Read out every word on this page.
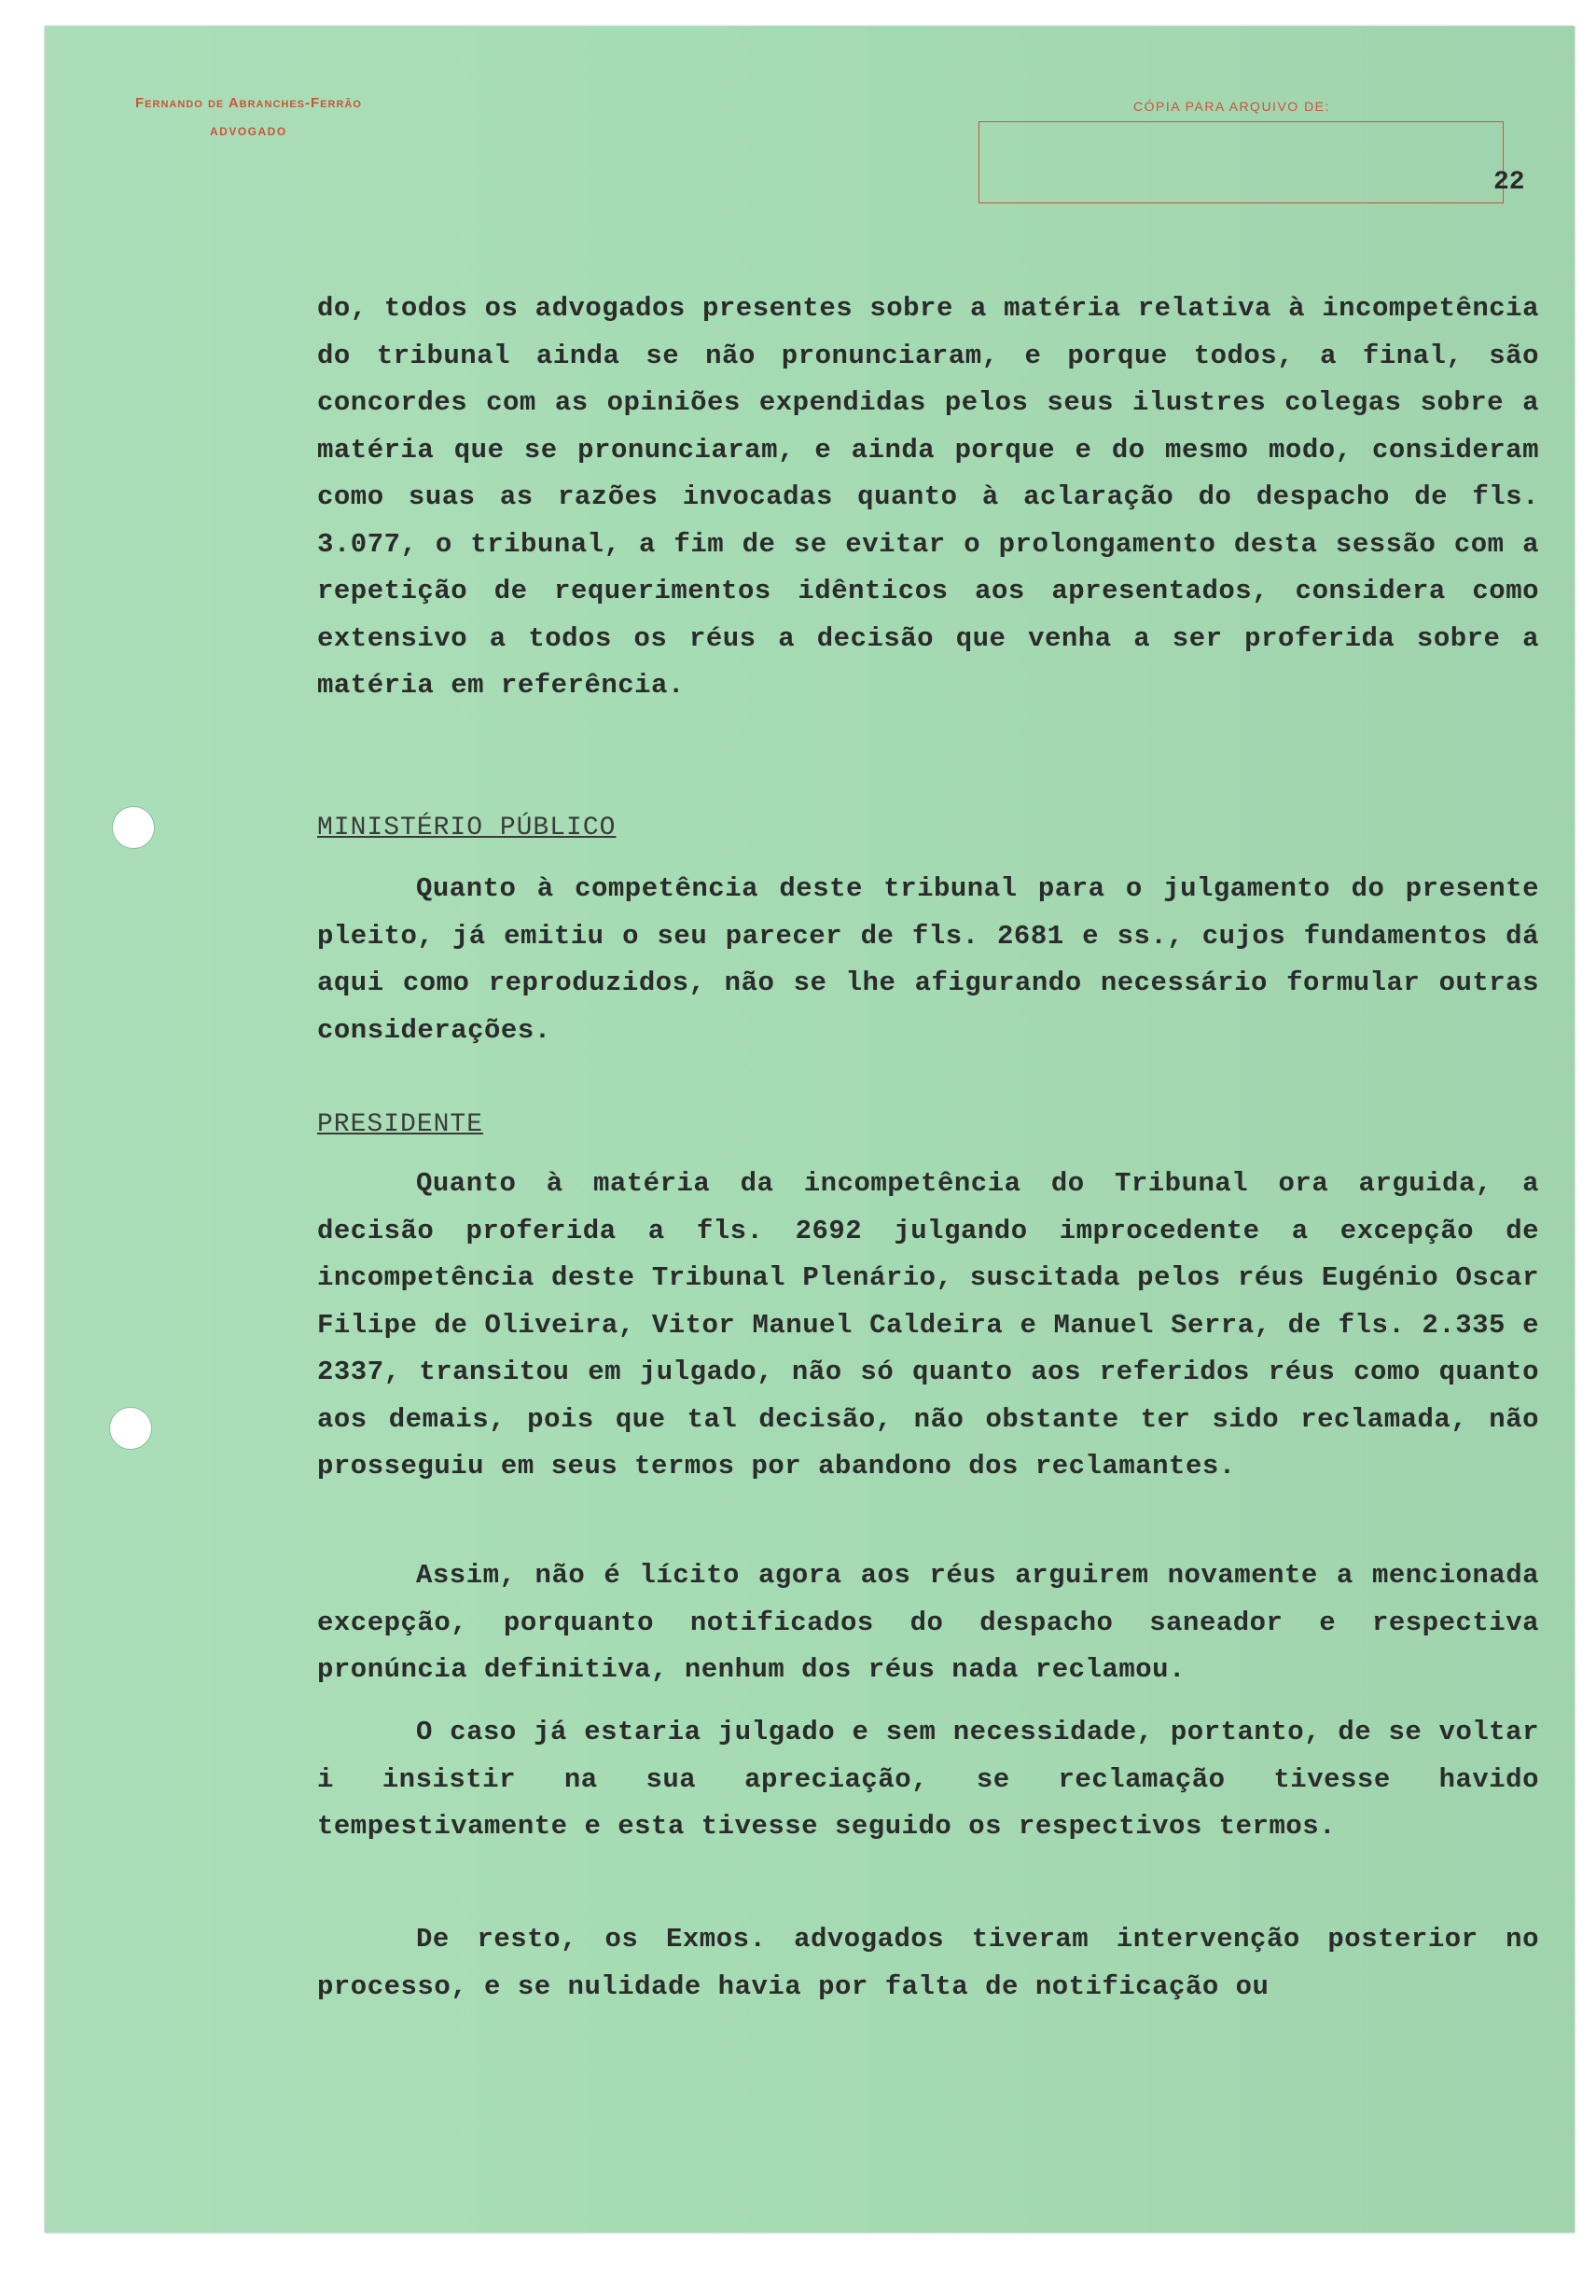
Fernando de Abranches-Ferrão

ADVOGADO

CÓPIA PARA ARQUIVO DE:

22

do, todos os advogados presentes sobre a matéria relativa à incompetência do tribunal ainda se não pronunciaram, e porque todos, a final, são concordes com as opiniões expendidas pelos seus ilustres colegas sobre a matéria que se pronunciaram, e ainda porque e do mesmo modo, consideram como suas as razões invocadas quanto à aclaração do despacho de fls. 3.077, o tribunal, a fim de se evitar o prolongamento desta sessão com a repetição de requerimentos idênticos aos apresentados, considera como extensivo a todos os réus a decisão que venha a ser proferida sobre a matéria em referência.

MINISTÉRIO PÚBLICO

Quanto à competência deste tribunal para o julgamento do presente pleito, já emitiu o seu parecer de fls. 2681 e ss., cujos fundamentos dá aqui como reproduzidos, não se lhe afigurando necessário formular outras considerações.

PRESIDENTE

Quanto à matéria da incompetência do Tribunal ora arguida, a decisão proferida a fls. 2692 julgando improcedente a excepção de incompetência deste Tribunal Plenário, suscitada pelos réus Eugénio Oscar Filipe de Oliveira, Vitor Manuel Caldeira e Manuel Serra, de fls. 2.335 e 2337, transitou em julgado, não só quanto aos referidos réus como quanto aos demais, pois que tal decisão, não obstante ter sido reclamada, não prosseguiu em seus termos por abandono dos reclamantes.

Assim, não é lícito agora aos réus arguirem novamente a mencionada excepção, porquanto notificados do despacho saneador e respectiva pronúncia definitiva, nenhum dos réus nada reclamou.

O caso já estaria julgado e sem necessidade, portanto, de se voltar i insistir na sua apreciação, se reclamação tivesse havido tempestivamente e esta tivesse seguido os respectivos termos.

De resto, os Exmos. advogados tiveram intervenção posterior no processo, e se nulidade havia por falta de notificação ou
